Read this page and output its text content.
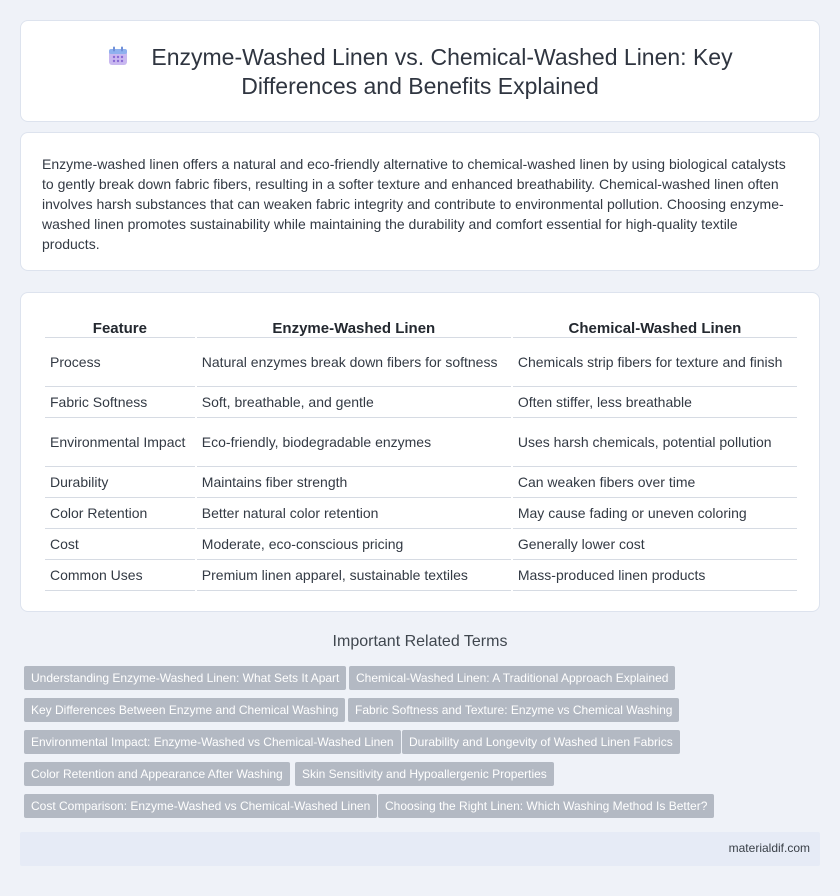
Enzyme-Washed Linen vs. Chemical-Washed Linen: Key Differences and Benefits Explained

Enzyme-washed linen offers a natural and eco-friendly alternative to chemical-washed linen by using biological catalysts to gently break down fabric fibers, resulting in a softer texture and enhanced breathability. Chemical-washed linen often involves harsh substances that can weaken fabric integrity and contribute to environmental pollution. Choosing enzyme-washed linen promotes sustainability while maintaining the durability and comfort essential for high-quality textile products.

Feature	Enzyme-Washed Linen	Chemical-Washed Linen
Process	Natural enzymes break down fibers for softness	Chemicals strip fibers for texture and finish
Fabric Softness	Soft, breathable, and gentle	Often stiffer, less breathable
Environmental Impact	Eco-friendly, biodegradable enzymes	Uses harsh chemicals, potential pollution
Durability	Maintains fiber strength	Can weaken fibers over time
Color Retention	Better natural color retention	May cause fading or uneven coloring
Cost	Moderate, eco-conscious pricing	Generally lower cost
Common Uses	Premium linen apparel, sustainable textiles	Mass-produced linen products
Important Related Terms
Understanding Enzyme-Washed Linen: What Sets It Apart	Chemical-Washed Linen: A Traditional Approach Explained
Key Differences Between Enzyme and Chemical Washing	Fabric Softness and Texture: Enzyme vs Chemical Washing
Environmental Impact: Enzyme-Washed vs Chemical-Washed Linen	Durability and Longevity of Washed Linen Fabrics
Color Retention and Appearance After Washing	Skin Sensitivity and Hypoallergenic Properties
Cost Comparison: Enzyme-Washed vs Chemical-Washed Linen	Choosing the Right Linen: Which Washing Method Is Better?
materialdif.com
